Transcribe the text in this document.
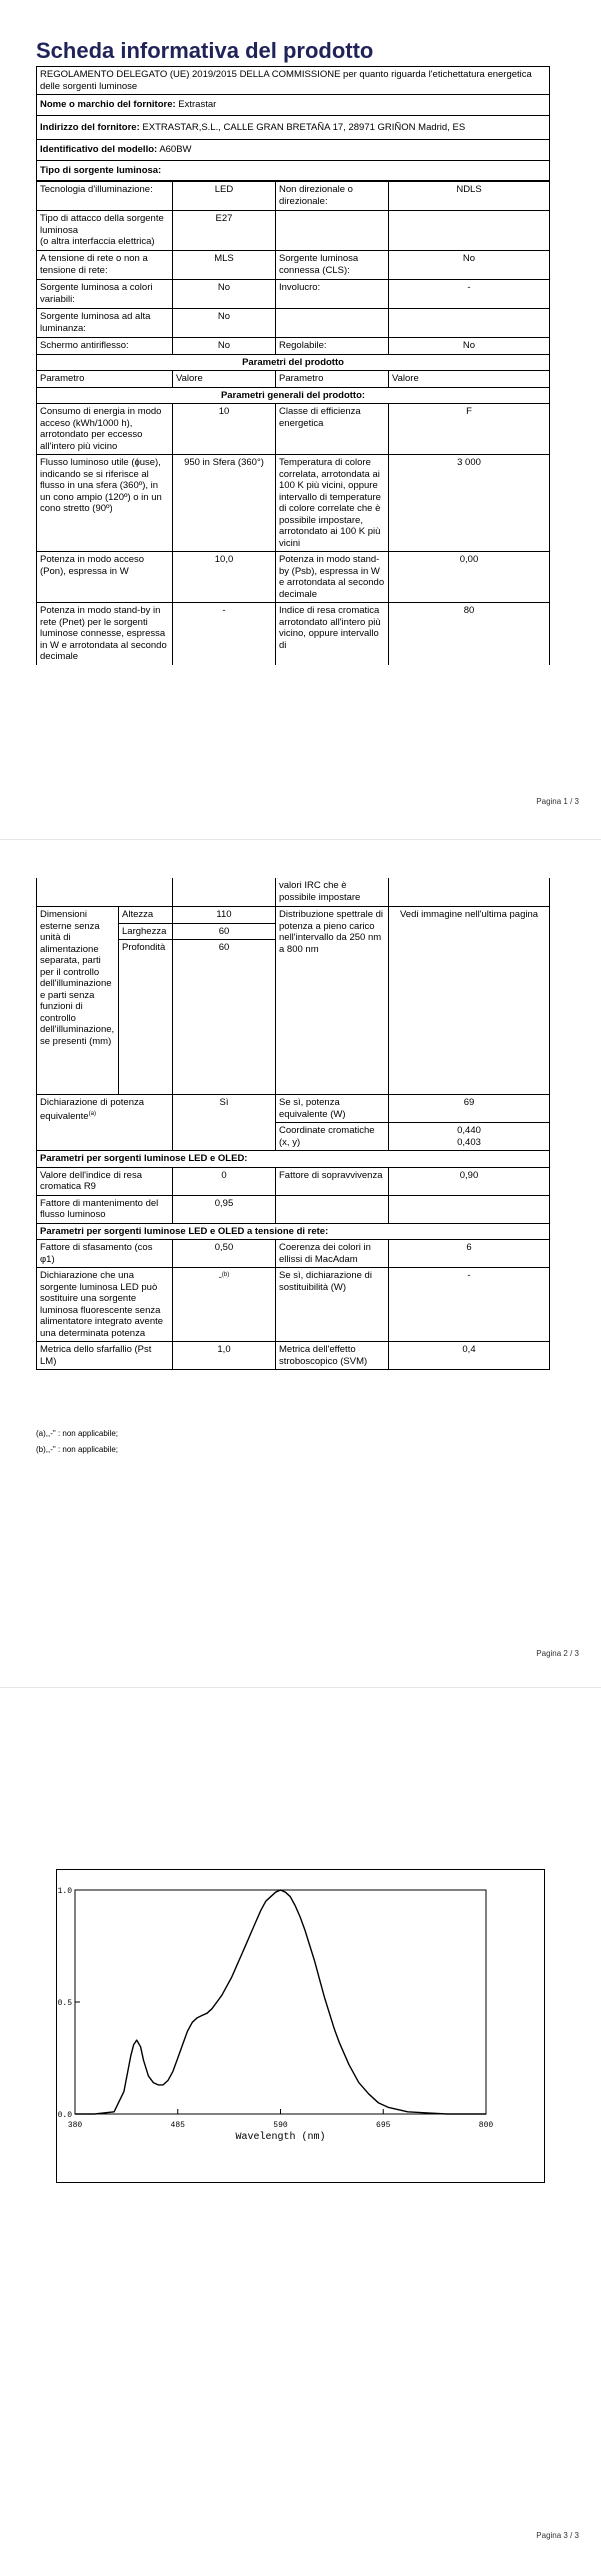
Scheda informativa del prodotto
REGOLAMENTO DELEGATO (UE) 2019/2015 DELLA COMMISSIONE per quanto riguarda l'etichettatura energetica delle sorgenti luminose
Nome o marchio del fornitore: Extrastar
Indirizzo del fornitore: EXTRASTAR,S.L., CALLE GRAN BRETAÑA 17, 28971 GRIÑON Madrid, ES
Identificativo del modello: A60BW
Tipo di sorgente luminosa:
Tecnologia d'illuminazione:	LED	Non direzionale o direzionale:	NDLS
Tipo di attacco della sorgente luminosa
(o altra interfaccia elettrica)	E27		
A tensione di rete o non a tensione di rete:	MLS	Sorgente luminosa connessa (CLS):	No
Sorgente luminosa a colori variabili:	No	Involucro:	-
Sorgente luminosa ad alta luminanza:	No		
Schermo antiriflesso:	No	Regolabile:	No
Parametri del prodotto			
Parametro	Valore	Parametro	Valore
Parametri generali del prodotto:			
Consumo di energia in modo acceso (kWh/1000 h), arrotondato per eccesso all'intero più vicino	10	Classe di efficienza energetica	F
Flusso luminoso utile (ɸuse), indicando se si riferisce al flusso in una sfera (360º), in un cono ampio (120º) o in un cono stretto (90º)	950 in Sfera (360°)	Temperatura di colore correlata, arrotondata ai 100 K più vicini, oppure intervallo di temperature di colore correlate che è possibile impostare, arrotondato ai 100 K più vicini	3 000
Potenza in modo acceso (Pon), espressa in W	10,0	Potenza in modo stand-by (Psb), espressa in W e arrotondata al secondo decimale	0,00
Potenza in modo stand-by in rete (Pnet) per le sorgenti luminose connesse, espressa in W e arrotondata al secondo decimale	-	Indice di resa cromatica arrotondato all'intero più vicino, oppure intervallo di	80
Pagina 1 / 3
			valori IRC che è possibile impostare	
Dimensioni esterne senza unità di alimentazione separata, parti per il controllo dell'illuminazione e parti senza funzioni di controllo dell'illuminazione, se presenti (mm)	Altezza	110	Distribuzione spettrale di potenza a pieno carico nell'intervallo da 250 nm a 800 nm	Vedi immagine nell'ultima pagina
	Larghezza	60		
	Profondità	60		
Dichiarazione di potenza equivalente$^{(a)}$		Sì	Se sì, potenza equivalente (W)	69
			Coordinate cromatiche (x, y)	0,440
0,403

Parametri per sorgenti luminose LED e OLED:				
Valore dell'indice di resa cromatica R9		0	Fattore di sopravvivenza	0,90
Fattore di mantenimento del flusso luminoso		0,95		
Parametri per sorgenti luminose LED e OLED a tensione di rete:				
Fattore di sfasamento (cos φ1)		0,50	Coerenza dei colori in ellissi di MacAdam	6
Dichiarazione che una sorgente luminosa LED può sostituire una sorgente luminosa fluorescente senza alimentatore integrato avente una determinata potenza		-$^{(b)}$	Se sì, dichiarazione di sostituibilità (W)	-
Metrica dello sfarfallio (Pst LM)		1,0	Metrica dell'effetto stroboscopico (SVM)	0,4
(a),,-" : non applicabile;
(b),,-" : non applicabile;
Pagina 2 / 3
Pagina 3 / 3
380	485	590	695	800
0.0
0.5
1.0
Wavelength (nm)
